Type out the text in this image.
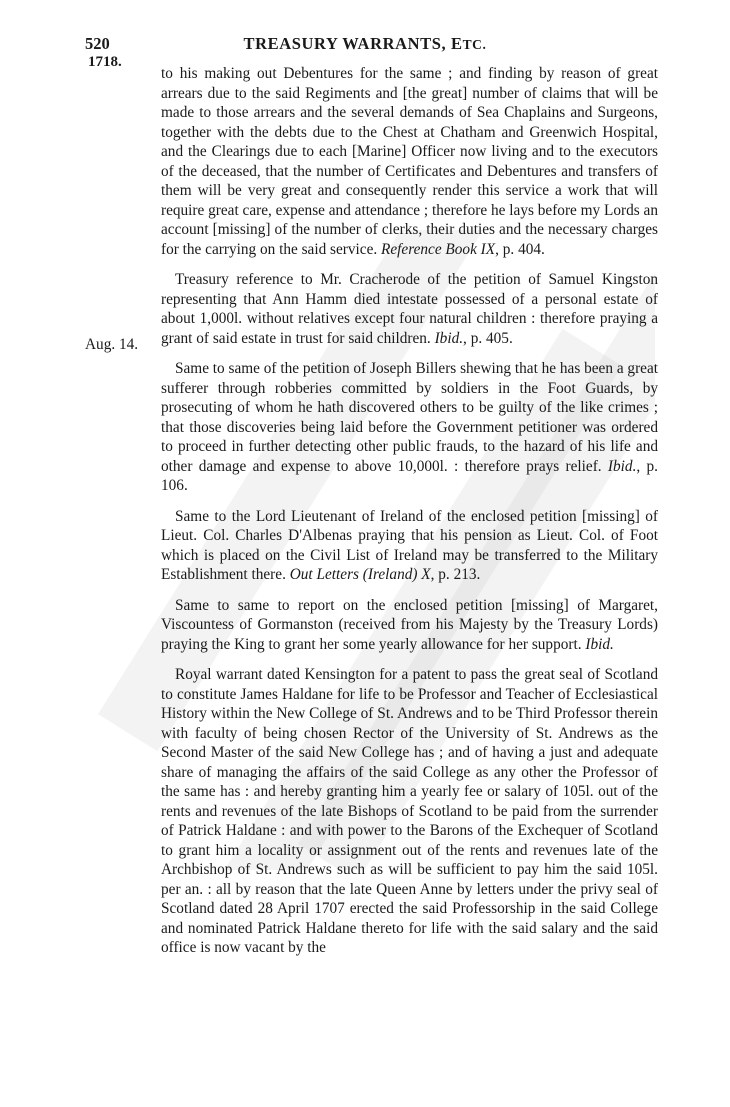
520
1718.
TREASURY WARRANTS, ETC.
Aug. 14.

to his making out Debentures for the same ; and finding by reason of great arrears due to the said Regiments and [the great] number of claims that will be made to those arrears and the several demands of Sea Chaplains and Surgeons, together with the debts due to the Chest at Chatham and Greenwich Hospital, and the Clearings due to each [Marine] Officer now living and to the executors of the deceased, that the number of Certificates and Debentures and transfers of them will be very great and consequently render this service a work that will require great care, expense and attendance ; therefore he lays before my Lords an account [missing] of the number of clerks, their duties and the necessary charges for the carrying on the said service. Reference Book IX, p. 404.

Treasury reference to Mr. Cracherode of the petition of Samuel Kingston representing that Ann Hamm died intestate possessed of a personal estate of about 1,000l. without relatives except four natural children : therefore praying a grant of said estate in trust for said children. Ibid., p. 405.

Same to same of the petition of Joseph Billers shewing that he has been a great sufferer through robberies committed by soldiers in the Foot Guards, by prosecuting of whom he hath discovered others to be guilty of the like crimes ; that those discoveries being laid before the Government petitioner was ordered to proceed in further detecting other public frauds, to the hazard of his life and other damage and expense to above 10,000l. : therefore prays relief. Ibid., p. 106.

Same to the Lord Lieutenant of Ireland of the enclosed petition [missing] of Lieut. Col. Charles D'Albenas praying that his pension as Lieut. Col. of Foot which is placed on the Civil List of Ireland may be transferred to the Military Establishment there. Out Letters (Ireland) X, p. 213.

Same to same to report on the enclosed petition [missing] of Margaret, Viscountess of Gormanston (received from his Majesty by the Treasury Lords) praying the King to grant her some yearly allowance for her support. Ibid.

Royal warrant dated Kensington for a patent to pass the great seal of Scotland to constitute James Haldane for life to be Professor and Teacher of Ecclesiastical History within the New College of St. Andrews and to be Third Professor therein with faculty of being chosen Rector of the University of St. Andrews as the Second Master of the said New College has ; and of having a just and adequate share of managing the affairs of the said College as any other the Professor of the same has : and hereby granting him a yearly fee or salary of 105l. out of the rents and revenues of the late Bishops of Scotland to be paid from the surrender of Patrick Haldane : and with power to the Barons of the Exchequer of Scotland to grant him a locality or assignment out of the rents and revenues late of the Archbishop of St. Andrews such as will be sufficient to pay him the said 105l. per an. : all by reason that the late Queen Anne by letters under the privy seal of Scotland dated 28 April 1707 erected the said Professorship in the said College and nominated Patrick Haldane thereto for life with the said salary and the said office is now vacant by the
